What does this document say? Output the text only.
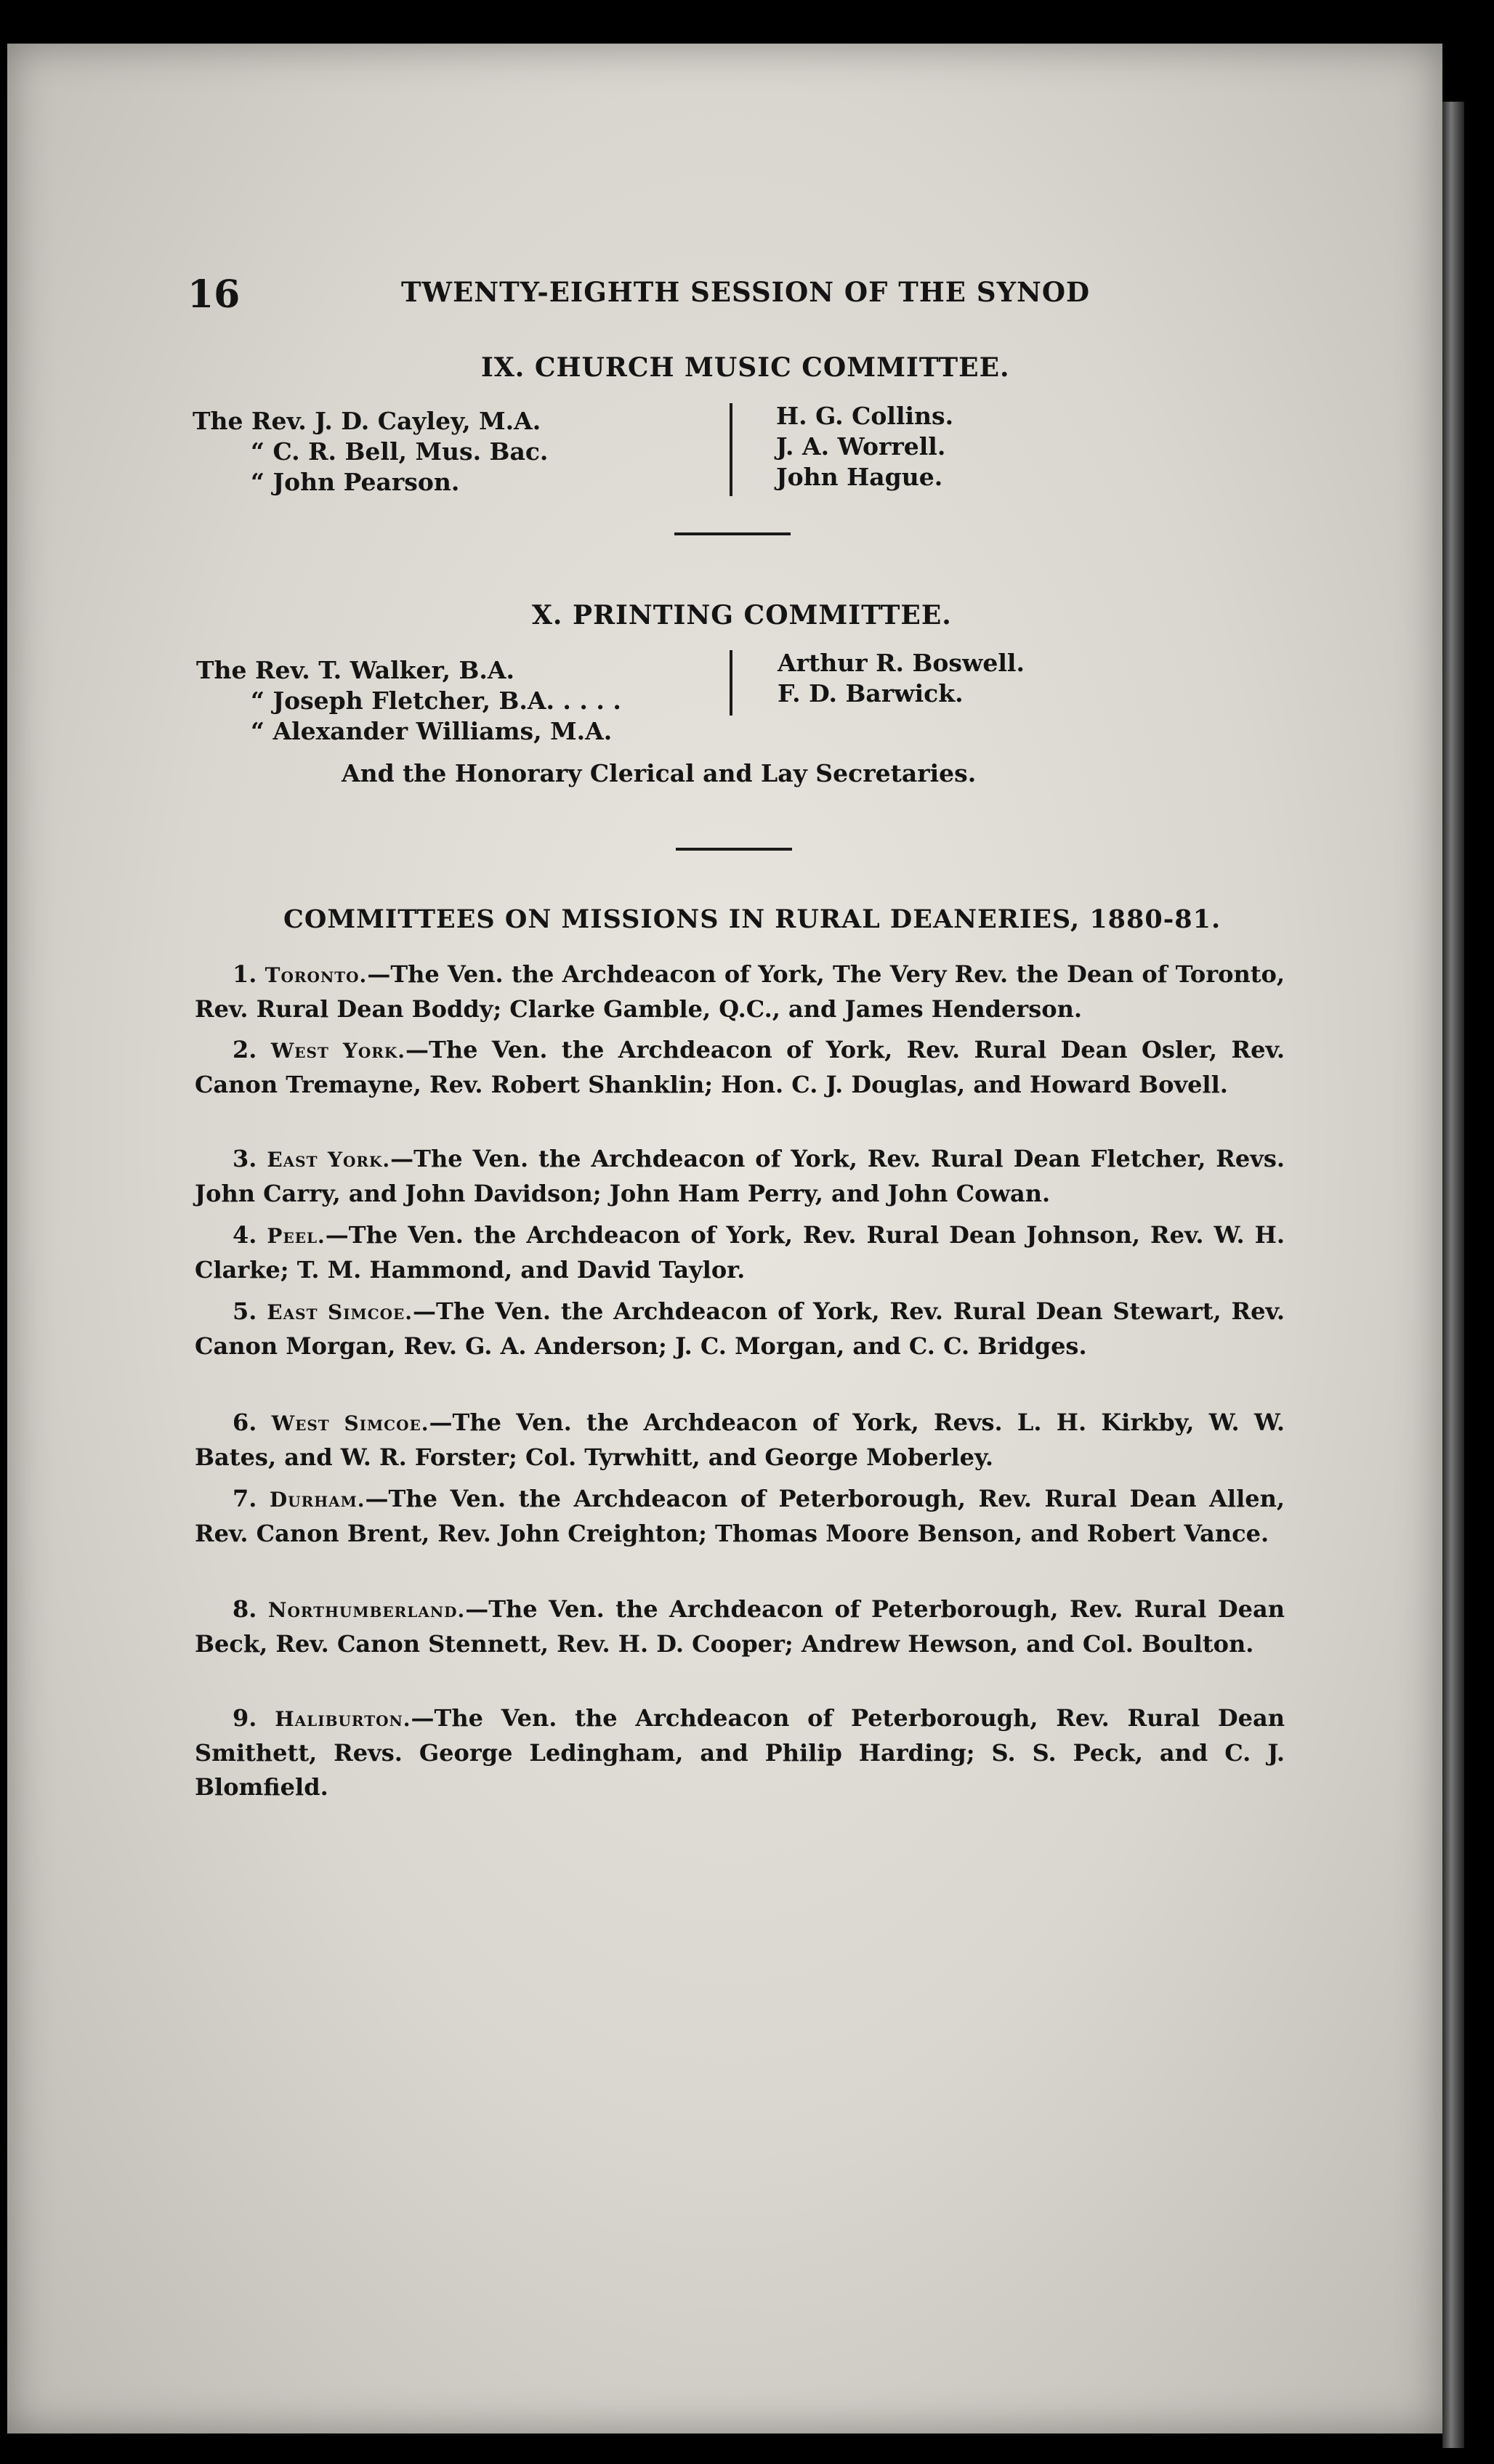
16	TWENTY-EIGHTH SESSION OF THE SYNOD
IX. CHURCH MUSIC COMMITTEE.
The Rev. J. D. Cayley, M.A.
“ C. R. Bell, Mus. Bac.
“ John Pearson.
H. G. Collins.
J. A. Worrell.
John Hague.
X. PRINTING COMMITTEE.
The Rev. T. Walker, B.A.
“ Joseph Fletcher, B.A. . . . .
“ Alexander Williams, M.A.
Arthur R. Boswell.
F. D. Barwick.
And the Honorary Clerical and Lay Secretaries.
COMMITTEES ON MISSIONS IN RURAL DEANERIES, 1880-81.
1. Toronto.—The Ven. the Archdeacon of York, The Very Rev. the Dean of Toronto, Rev. Rural Dean Boddy; Clarke Gamble, Q.C., and James Henderson.
2. West York.—The Ven. the Archdeacon of York, Rev. Rural Dean Osler, Rev. Canon Tremayne, Rev. Robert Shanklin; Hon. C. J. Douglas, and Howard Bovell.
3. East York.—The Ven. the Archdeacon of York, Rev. Rural Dean Fletcher, Revs. John Carry, and John Davidson; John Ham Perry, and John Cowan.
4. Peel.—The Ven. the Archdeacon of York, Rev. Rural Dean Johnson, Rev. W. H. Clarke; T. M. Hammond, and David Taylor.
5. East Simcoe.—The Ven. the Archdeacon of York, Rev. Rural Dean Stewart, Rev. Canon Morgan, Rev. G. A. Anderson; J. C. Morgan, and C. C. Bridges.
6. West Simcoe.—The Ven. the Archdeacon of York, Revs. L. H. Kirkby, W. W. Bates, and W. R. Forster; Col. Tyrwhitt, and George Moberley.
7. Durham.—The Ven. the Archdeacon of Peterborough, Rev. Rural Dean Allen, Rev. Canon Brent, Rev. John Creighton; Thomas Moore Benson, and Robert Vance.
8. Northumberland.—The Ven. the Archdeacon of Peterborough, Rev. Rural Dean Beck, Rev. Canon Stennett, Rev. H. D. Cooper; Andrew Hewson, and Col. Boulton.
9. Haliburton.—The Ven. the Archdeacon of Peterborough, Rev. Rural Dean Smithett, Revs. George Ledingham, and Philip Harding; S. S. Peck, and C. J. Blomfield.
